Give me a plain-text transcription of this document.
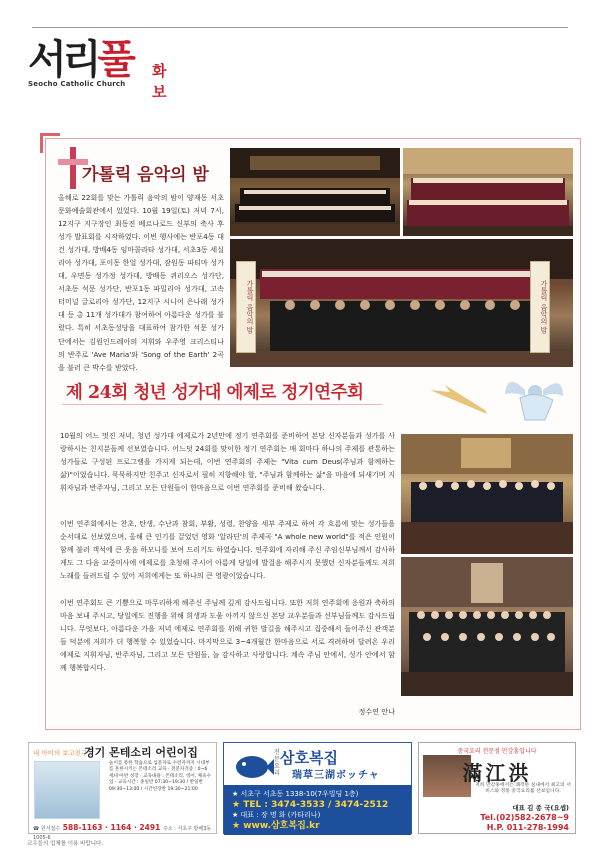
서리풀
Seocho Catholic Church
화보
가톨릭 음악의 밤
올해로 22회를 맞는 가톨릭 음악의 밤이 양재동 서초문화예술회관에서 있었다. 10월 19일(토) 저녁 7시, 12지구 지구장인 최동진 베르나로드 신부의 축사 후 성가 발표회를 시작하였다. 이번 행사에는 반포4동 대건 성가대, 방배4동 임마콜라타 성가대, 서초3동 세실리아 성가대, 포이동 한얼 성가대, 잠원동 파티마 성가대, 우면동 성가정 성가대, 방배동 퀴리오스 성가단, 서초동 석문 성가단, 반포1동 파밀리아 성가대, 고속터미널 글로리아 성가단, 12지구 시니어 은나래 성가대 등 총 11개 성가대가 참여하여 아름다운 성가를 불렀다. 특히 서초동성당을 대표하여 참가한 석문 성가단에서는 김원인드레아의 지휘와 우주영 크리스티나의 반주로 'Ave Maria'와 'Song of the Earth' 2곡을 불러 큰 박수를 받았다.
가톨릭 음악의 밤	가톨릭 음악의 밤
제 24회 청년 성가대 에제로 정기연주회
10월의 어느 멋진 저녁, 청년 성가대 에제로가 2년만에 정기 연주회를 준비하여 본당 신자분들과 성가를 사랑하시는 친지분들께 선보였습니다. 어느덧 24회를 맞이한 정기 연주회는 매 회마다 하나의 주제를 관통하는 성가들로 구성된 프로그램을 가지게 되는데, 이번 연주회의 주제는 "Vita cum Deus(주님과 함께하는 삶)"이었습니다. 묵묵하지만 친주고 신자로서 필히 지향해야 할, "주님과 함께하는 삶"을 마음에 되새기며 지휘자님과 반주자님, 그리고 모든 단원들이 한마음으로 이번 연주회를 준비해 왔습니다.
이번 연주회에서는 찬초, 탄생, 수난과 참회, 부활, 성령, 찬양을 세부 주제로 하여 각 흐름에 맞는 성가들을 순서대로 선보였으며, 올해 큰 인기를 끌었던 영화 '알라딘'의 주제곡 "A whole new world"를 적은 인원이 함께 불러 객석에 큰 웃음 하모니를 보여 드리기도 하였습니다. 연주회에 자리해 주신 주임신부님께서 감사하게도 그 다음 교중미사에 에제로를 초청해 주시어 아름게 당일에 발걸음 해주시지 못했던 신자분들께도 저희 노래를 들려드릴 수 있어 저희에게는 또 하나의 큰 영광이었습니다.
이번 연주회도 큰 기쁨으로 마무리하게 해주신 주님께 깊게 감사드립니다. 또한 저희 연주회에 응원과 축하의 마음 보내 주시고, 당일에도 진행을 위해 희생과 도움 아끼지 않으신 본당 교우분들과 신부님들께도 감사드립니다. 무엇보다, 아름다운 가을 저녁 에제로 연주회를 위해 귀한 발길을 해주시고 집중해서 들어주신 관객분들 덕분에 저희가 더 행복할 수 있었습니다. 마지막으로 3~4개월간 한마음으로 서로 격려하며 달려온 우리 에제로 지휘자님, 반주자님, 그리고 모든 단원들, 늘 감사하고 사랑합니다. 계속 주님 안에서, 성가 안에서 함께 행복합시다.
정수연 안나
내 아이의 보고친구
경기 몬테소리 어린이집
놀이를 통한 학습으로 입문자로 수련자까지 시대부를 혼한시키는 몬테소리 교육 · 전문자격증 : 0~6세/유아반 성장 · 교육내용 : 몬테소리, 영어, 체육수업 · 교육시간 : 종일반 07:30~19:30 / 반일반 09:30~13:00 / 시간연장반 19:30~21:00
☎ 원서접수 588-1163 · 1164 · 2491 주소 : 서초구 방배3동 1005-6
전문요리
삼호복집
瑞草三湖ボッチャ
★ 서초구 서초동 1338-10(7우빌딩 1층)
★ TEL : 3474-3533 / 3474-2512
★ 대표 : 장 명 화 (카타리나)
★ www.삼호복집.kr
중국요리 전문점 만강홍입니다
滿江洪
저희 만강홍에서는 쾌적한 실내에서 최고의 서비스와 정통 중국요리를 선보입니다.
대표 김 종 국(요셉)
Tel.(02)582-2678~9
H.P. 011-278-1994
교우들의 업체를 이용 바랍니다.
